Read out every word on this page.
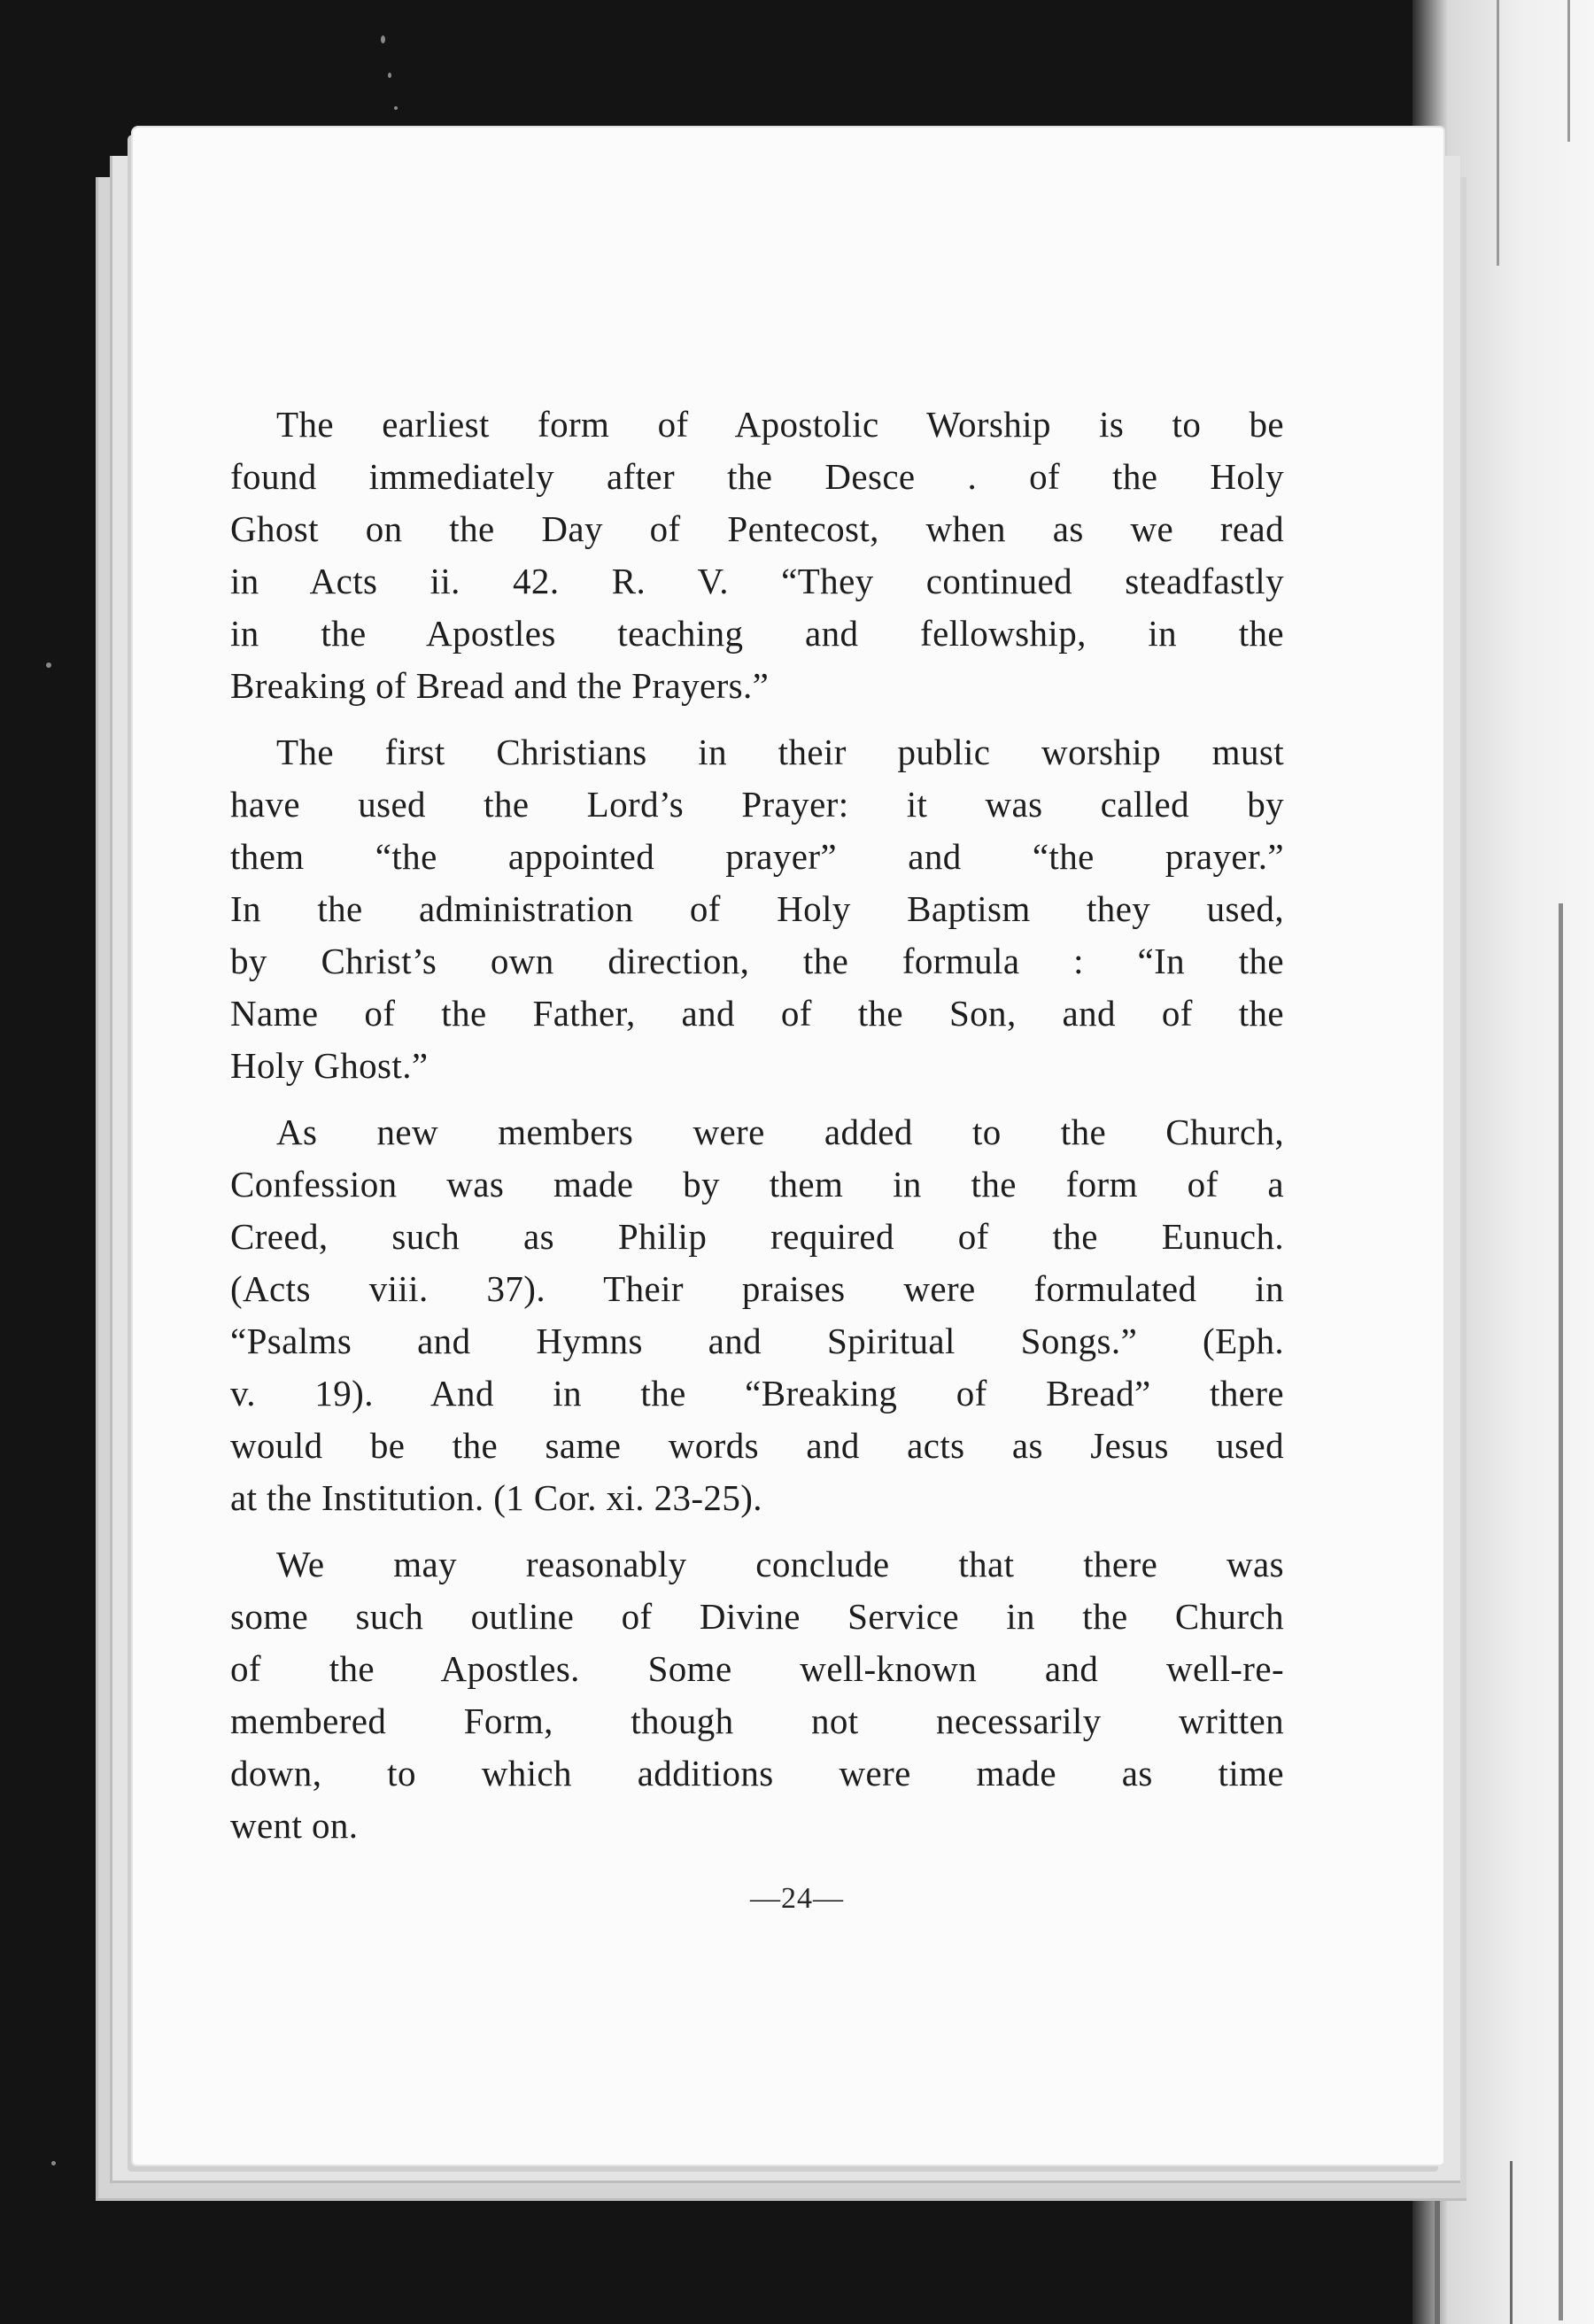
The earliest form of Apostolic Worship is to be
found immediately after the Desce . of the Holy
Ghost on the Day of Pentecost, when as we read
in Acts ii. 42. R. V. “They continued steadfastly
in the Apostles teaching and fellowship, in the
Breaking of Bread and the Prayers.”

The first Christians in their public worship must
have used the Lord’s Prayer: it was called by
them “the appointed prayer” and “the prayer.”
In the administration of Holy Baptism they used,
by Christ’s own direction, the formula : “In the
Name of the Father, and of the Son, and of the
Holy Ghost.”

As new members were added to the Church,
Confession was made by them in the form of a
Creed, such as Philip required of the Eunuch.
(Acts viii. 37). Their praises were formulated in
“Psalms and Hymns and Spiritual Songs.” (Eph.
v. 19). And in the “Breaking of Bread” there
would be the same words and acts as Jesus used
at the Institution. (1 Cor. xi. 23-25).

We may reasonably conclude that there was
some such outline of Divine Service in the Church
of the Apostles. Some well-known and well-re-
membered Form, though not necessarily written
down, to which additions were made as time
went on.

—24—
